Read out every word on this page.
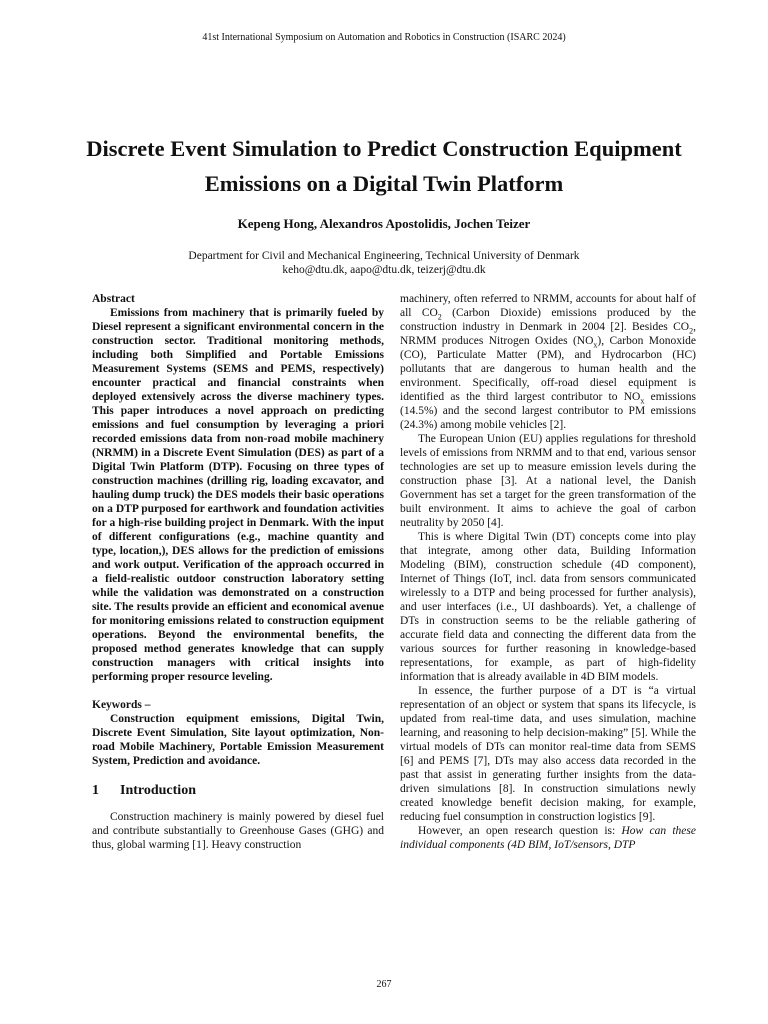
41st International Symposium on Automation and Robotics in Construction (ISARC 2024)
Discrete Event Simulation to Predict Construction Equipment Emissions on a Digital Twin Platform
Kepeng Hong, Alexandros Apostolidis, Jochen Teizer
Department for Civil and Mechanical Engineering, Technical University of Denmark
keho@dtu.dk, aapo@dtu.dk, teizerj@dtu.dk

Abstract

Emissions from machinery that is primarily fueled by Diesel represent a significant environmental concern in the construction sector. Traditional monitoring methods, including both Simplified and Portable Emissions Measurement Systems (SEMS and PEMS, respectively) encounter practical and financial constraints when deployed extensively across the diverse machinery types. This paper introduces a novel approach on predicting emissions and fuel consumption by leveraging a priori recorded emissions data from non-road mobile machinery (NRMM) in a Discrete Event Simulation (DES) as part of a Digital Twin Platform (DTP). Focusing on three types of construction machines (drilling rig, loading excavator, and hauling dump truck) the DES models their basic operations on a DTP purposed for earthwork and foundation activities for a high-rise building project in Denmark. With the input of different configurations (e.g., machine quantity and type, location,), DES allows for the prediction of emissions and work output. Verification of the approach occurred in a field-realistic outdoor construction laboratory setting while the validation was demonstrated on a construction site. The results provide an efficient and economical avenue for monitoring emissions related to construction equipment operations. Beyond the environmental benefits, the proposed method generates knowledge that can supply construction managers with critical insights into performing proper resource leveling.

Keywords –

Construction equipment emissions, Digital Twin, Discrete Event Simulation, Site layout optimization, Non-road Mobile Machinery, Portable Emission Measurement System, Prediction and avoidance.

1 Introduction

Construction machinery is mainly powered by diesel fuel and contribute substantially to Greenhouse Gases (GHG) and thus, global warming [1]. Heavy construction

machinery, often referred to NRMM, accounts for about half of all $CO_2$ (Carbon Dioxide) emissions produced by the construction industry in Denmark in 2004 [2]. Besides $CO_2$, NRMM produces Nitrogen Oxides $(NO_x)$, Carbon Monoxide (CO), Particulate Matter (PM), and Hydrocarbon (HC) pollutants that are dangerous to human health and the environment. Specifically, off-road diesel equipment is identified as the third largest contributor to $NO_x$ emissions (14.5%) and the second largest contributor to PM emissions (24.3%) among mobile vehicles [2].

The European Union (EU) applies regulations for threshold levels of emissions from NRMM and to that end, various sensor technologies are set up to measure emission levels during the construction phase [3]. At a national level, the Danish Government has set a target for the green transformation of the built environment. It aims to achieve the goal of carbon neutrality by 2050 [4].

This is where Digital Twin (DT) concepts come into play that integrate, among other data, Building Information Modeling (BIM), construction schedule (4D component), Internet of Things (IoT, incl. data from sensors communicated wirelessly to a DTP and being processed for further analysis), and user interfaces (i.e., UI dashboards). Yet, a challenge of DTs in construction seems to be the reliable gathering of accurate field data and connecting the different data from the various sources for further reasoning in knowledge-based representations, for example, as part of high-fidelity information that is already available in 4D BIM models.

In essence, the further purpose of a DT is “a virtual representation of an object or system that spans its lifecycle, is updated from real-time data, and uses simulation, machine learning, and reasoning to help decision-making” [5]. While the virtual models of DTs can monitor real-time data from SEMS [6] and PEMS [7], DTs may also access data recorded in the past that assist in generating further insights from the data-driven simulations [8]. In construction simulations newly created knowledge benefit decision making, for example, reducing fuel consumption in construction logistics [9].

However, an open research question is: How can these individual components (4D BIM, IoT/sensors, DTP

267
